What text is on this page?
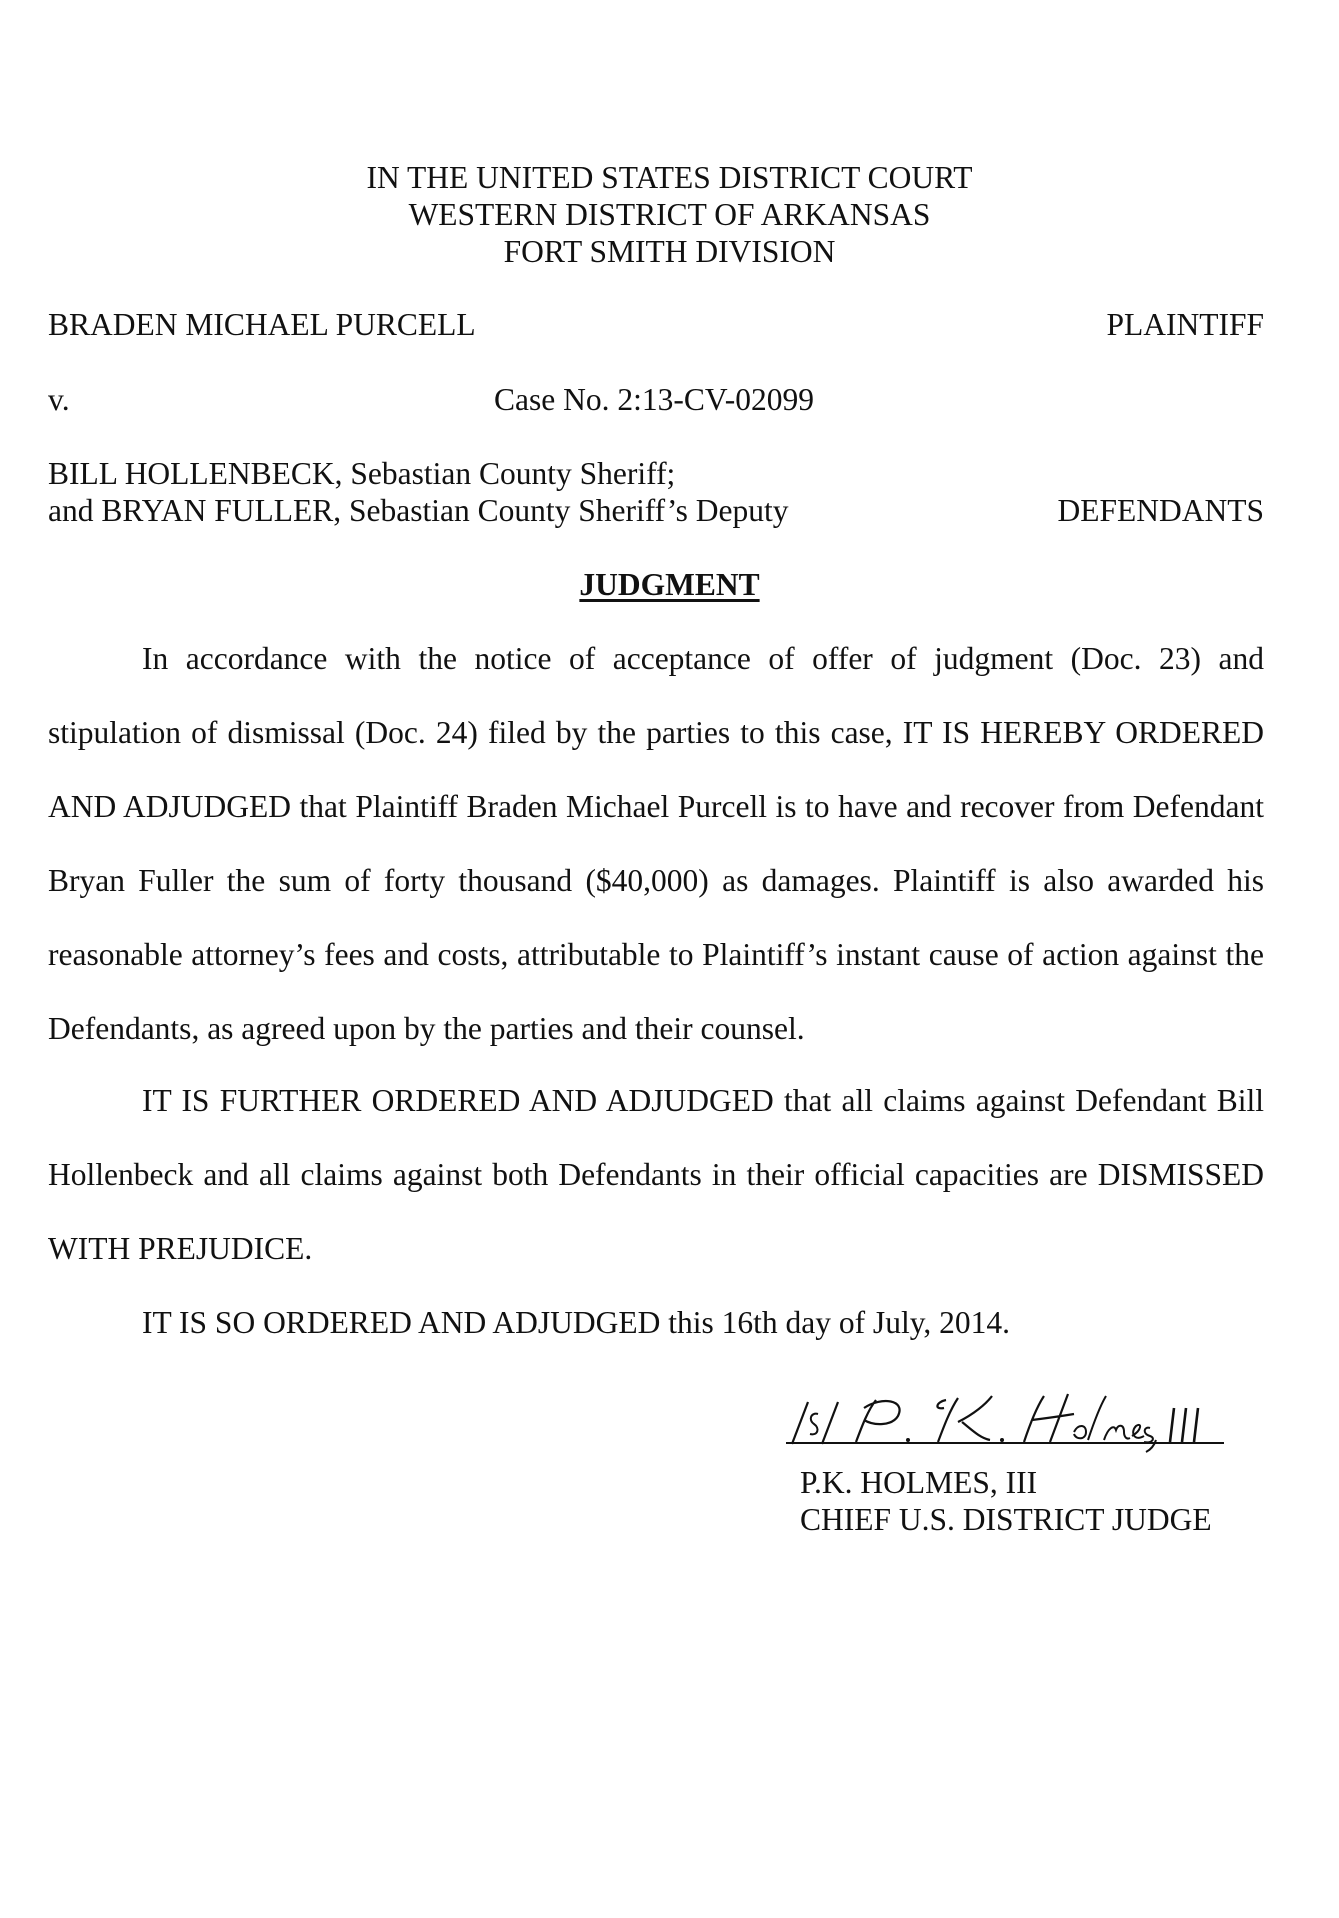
IN THE UNITED STATES DISTRICT COURT
WESTERN DISTRICT OF ARKANSAS
FORT SMITH DIVISION
BRADEN MICHAEL PURCELL	PLAINTIFF
v.	Case No. 2:13-CV-02099
BILL HOLLENBECK, Sebastian County Sheriff;
and BRYAN FULLER, Sebastian County Sheriff’s Deputy	DEFENDANTS
JUDGMENT
In accordance with the notice of acceptance of offer of judgment (Doc. 23) and stipulation of dismissal (Doc. 24) filed by the parties to this case, IT IS HEREBY ORDERED AND ADJUDGED that Plaintiff Braden Michael Purcell is to have and recover from Defendant Bryan Fuller the sum of forty thousand ($40,000) as damages. Plaintiff is also awarded his reasonable attorney’s fees and costs, attributable to Plaintiff’s instant cause of action against the Defendants, as agreed upon by the parties and their counsel.
IT IS FURTHER ORDERED AND ADJUDGED that all claims against Defendant Bill Hollenbeck and all claims against both Defendants in their official capacities are DISMISSED WITH PREJUDICE.
IT IS SO ORDERED AND ADJUDGED this 16th day of July, 2014.
P.K. HOLMES, III
CHIEF U.S. DISTRICT JUDGE
